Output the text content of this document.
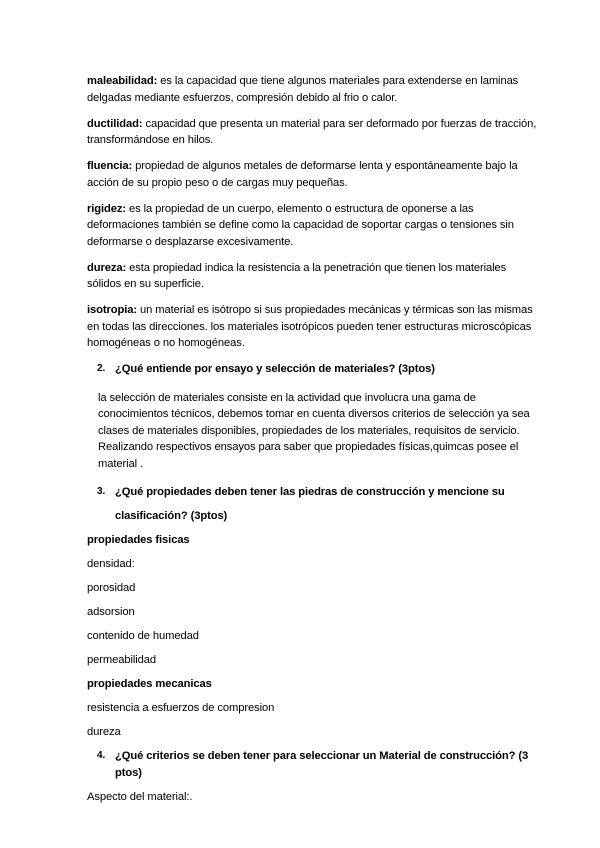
maleabilidad: es la capacidad que tiene algunos materiales para extenderse en laminas delgadas mediante esfuerzos, compresión debido al frio o calor.

ductilidad: capacidad que presenta un material para ser deformado por fuerzas de tracción, transformándose en hilos.

fluencia: propiedad de algunos metales de deformarse lenta y espontáneamente bajo la acción de su propio peso o de cargas muy pequeñas.

rigidez: es la propiedad de un cuerpo, elemento o estructura de oponerse a las deformaciones también se define como la capacidad de soportar cargas o tensiones sin deformarse o desplazarse excesivamente.

dureza: esta propiedad indica la resistencia a la penetración que tienen los materiales sólidos en su superficie.

isotropia: un material es isótropo si sus propiedades mecánicas y térmicas son las mismas en todas las direcciones. los materiales isotrópicos pueden tener estructuras microscópicas homogéneas o no homogéneas.

2. ¿Qué entiende por ensayo y selección de materiales? (3ptos)

la selección de materiales consiste en la actividad que involucra una gama de conocimientos técnicos, debemos tomar en cuenta diversos criterios de selección ya sea clases de materiales disponibles, propiedades de los materiales, requisitos de servicio. Realizando respectivos ensayos para saber que propiedades físicas,quimcas posee el material .

3. ¿Qué propiedades deben tener las piedras de construcción y mencione su clasificación? (3ptos)

propiedades fisicas

densidad:

porosidad

adsorsion

contenido de humedad

permeabilidad

propiedades mecanicas

resistencia a esfuerzos de compresion

dureza

4. ¿Qué criterios se deben tener para seleccionar un Material de construcción? (3 ptos)

Aspecto del material:.
